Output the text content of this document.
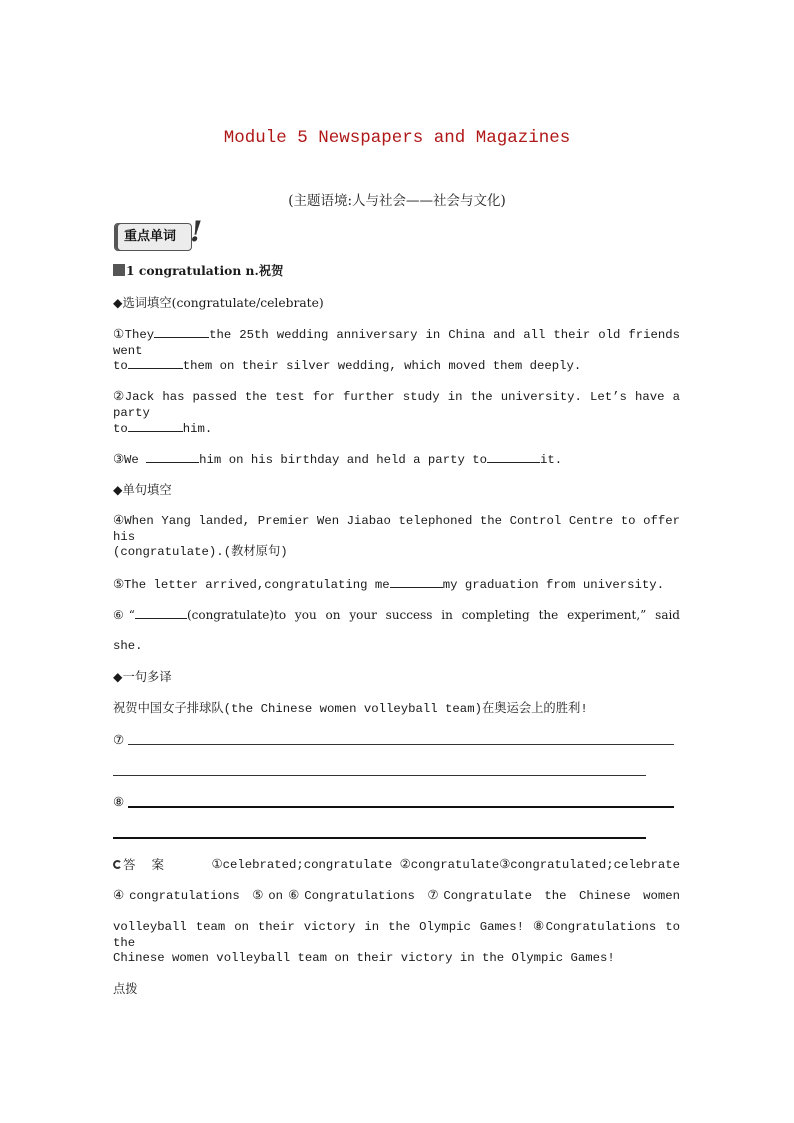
Module 5 Newspapers and Magazines
(主题语境:人与社会——社会与文化)
重点单词 !
1 congratulation n.祝贺
◆选词填空(congratulate/celebrate)
①They	the 25th wedding anniversary in China and all their old friends went
to	them on their silver wedding, which moved them deeply.
②Jack has passed the test for further study in the university. Let’s have a party
to	him.
③We	him on his birthday and held a party to	it.
◆单句填空
④When Yang landed, Premier Wen Jiabao telephoned the Control Centre to offer his
(congratulate).(教材原句)
⑤The letter arrived,congratulating me	my graduation from university.
⑥“	(congratulate)to you on your success in completing the experiment,” said
she.
◆一句多译
祝贺中国女子排球队(the Chinese women volleyball team)在奥运会上的胜利!
⑦
⑧
答 案	①celebrated;congratulate ②congratulate③congratulated;celebrate
④congratulations ⑤on⑥Congratulations ⑦Congratulate the Chinese women
volleyball team on their victory in the Olympic Games! ⑧Congratulations to the
Chinese women volleyball team on their victory in the Olympic Games!
点拨
